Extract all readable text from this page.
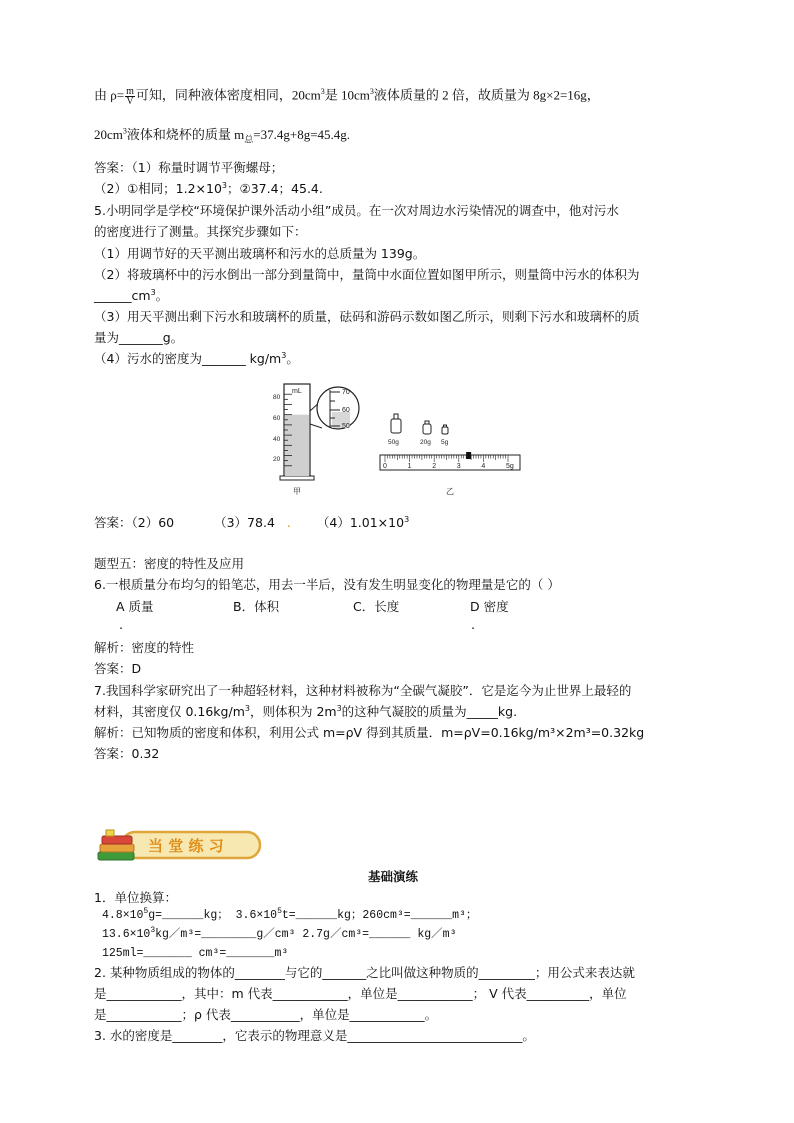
由 $\rho= \frac{m}{V}$ 可知，同种液体密度相同，$20cm^3$是 $10cm^3$液体质量的 2 倍，故质量为 8g×2=16g，
$20cm^3$液体和烧杯的质量 $m_总=37.4g+8g=45.4g$.
答案：（1）称量时调节平衡螺母；
（2）①相同；$1.2\times 10^3$；②37.4；45.4.
5.小明同学是学校“环境保护课外活动小组”成员。在一次对周边水污染情况的调查中，他对污水
的密度进行了测量。其探究步骤如下：
（1）用调节好的天平测出玻璃杯和污水的总质量为 139g。
（2）将玻璃杯中的污水倒出一部分到量筒中，量筒中水面位置如图甲所示，则量筒中污水的体积为
$\_\_\_\_\_\_cm^3$。
（3）用天平测出剩下污水和玻璃杯的质量，砝码和游码示数如图乙所示，则剩下污水和玻璃杯的质
量为_______g。
（4）污水的密度为_______ $kg/m^3$。
mL
80
60
40
20
70
60
50
甲
50g	20g 5g
0	1	2	3	4	5g
乙
答案：（2）60	（3）78.4 . $(4)1.01\times 10^3$
题型五：密度的特性及应用
6.一根质量分布均匀的铅笔芯，用去一半后，没有发生明显变化的物理量是它的（ ）
A 质量	B．体积	C．长度	D 密度
.	.
解析：密度的特性
答案：D
7.我国科学家研究出了一种超轻材料，这种材料被称为“全碳气凝胶”．它是迄今为止世界上最轻的
材料，其密度仅 $0.16kg/m^3$，则体积为 $2m^3$的这种气凝胶的质量为_____kg.
解析：已知物质的密度和体积，利用公式 m=ρV 得到其质量．m=ρV=0.16kg/m³×2m³=0.32kg
答案：0.32
当 堂 练 习
基础演练
1．单位换算：
$4.8\times 10^5g=\_\_\_\_\_\_kg$； $3.6\times 10^5t=\_\_\_\_\_\_kg$；260cm³=______m³；
$13.6\times 10^3kg/m^3=\_\_\_\_\_\_\_\_g/cm^3$ 2.7g／cm³=______ kg／m³
125ml=_______ cm³=_______m³
2. 某种物质组成的物体的________与它的_______之比叫做这种物质的_________；用公式来表达就
是____________，其中：m 代表____________，单位是____________； V 代表__________，单位
是____________；ρ 代表___________，单位是____________。
3. 水的密度是________，它表示的物理意义是____________________________。
